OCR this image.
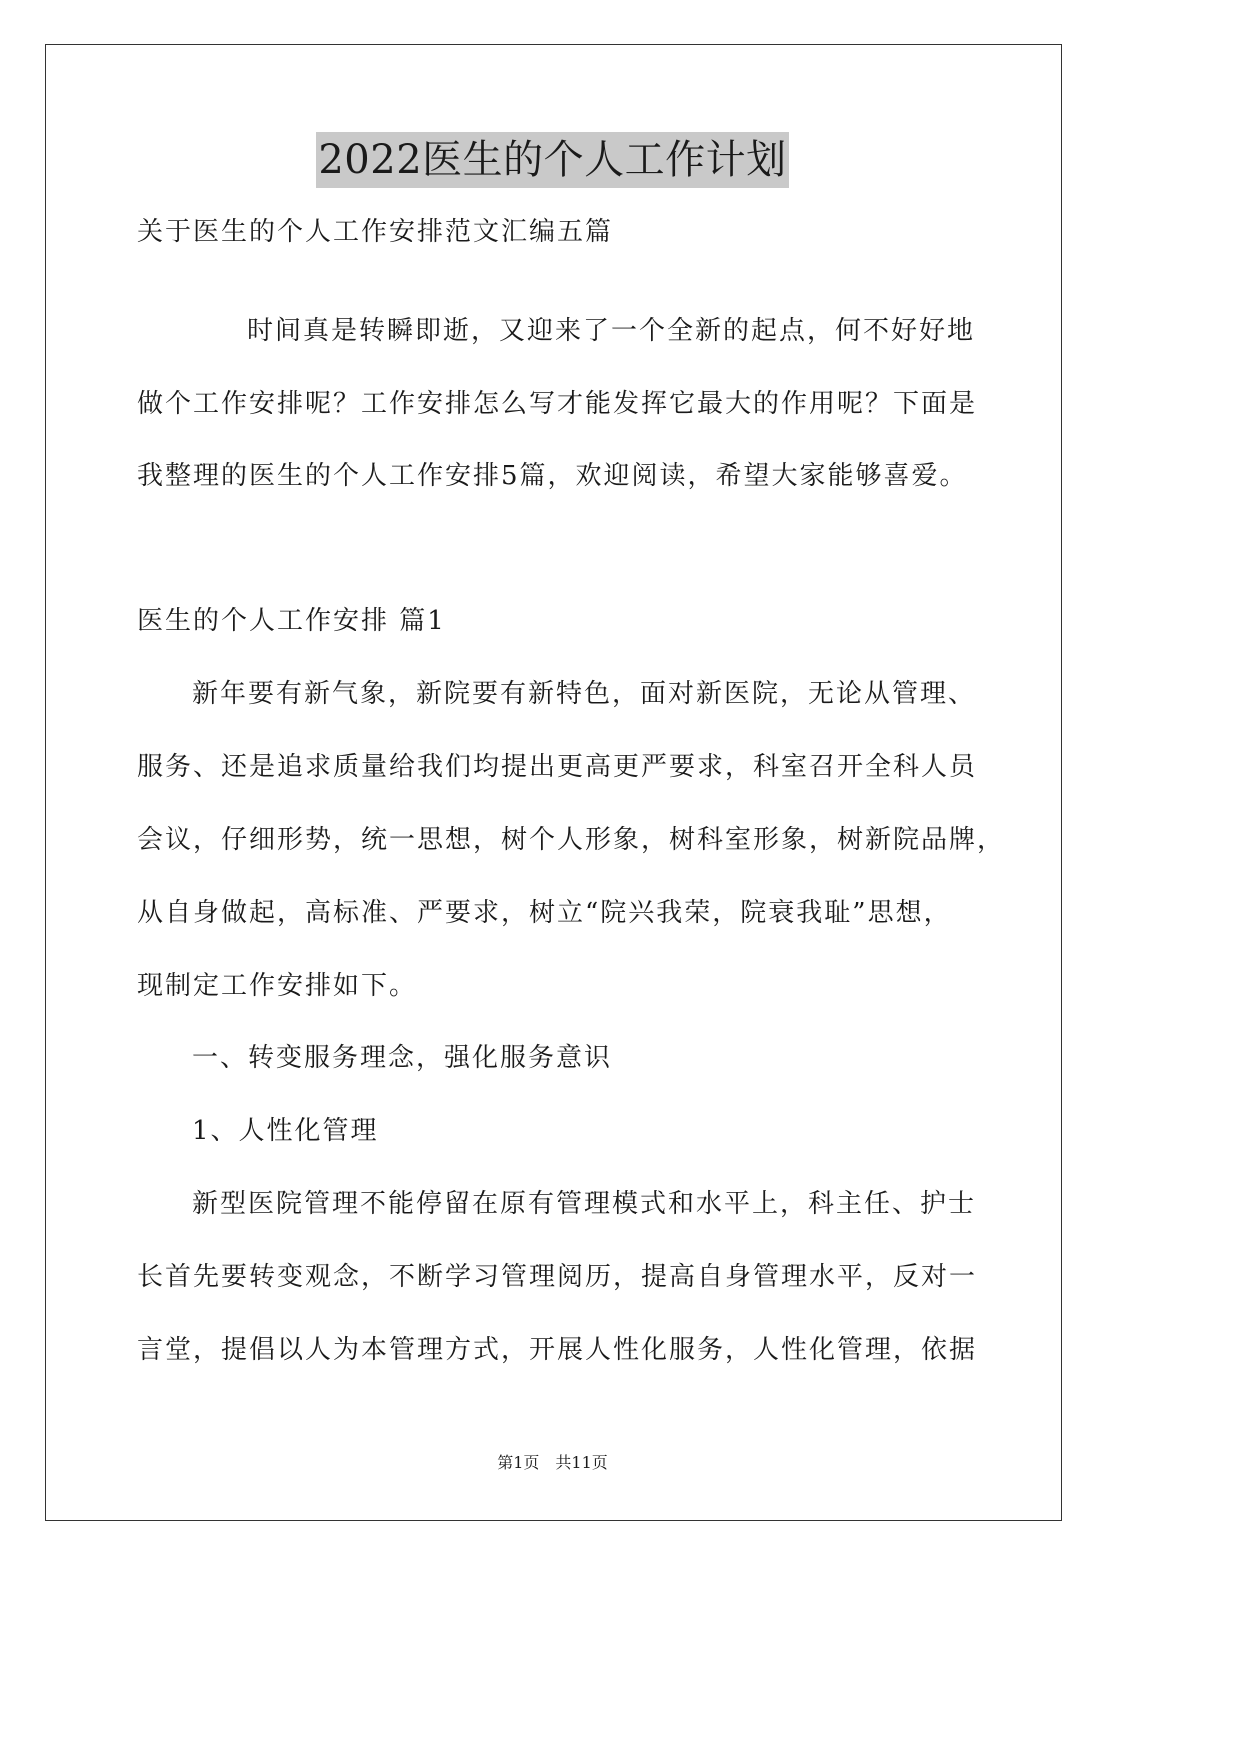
2022医生的个人工作计划
关于医生的个人工作安排范文汇编五篇
时间真是转瞬即逝，又迎来了一个全新的起点，何不好好地
做个工作安排呢？工作安排怎么写才能发挥它最大的作用呢？下面是
我整理的医生的个人工作安排5篇，欢迎阅读，希望大家能够喜爱。
医生的个人工作安排 篇1
新年要有新气象，新院要有新特色，面对新医院，无论从管理、
服务、还是追求质量给我们均提出更高更严要求，科室召开全科人员
会议，仔细形势，统一思想，树个人形象，树科室形象，树新院品牌，
从自身做起，高标准、严要求，树立“院兴我荣，院衰我耻”思想，
现制定工作安排如下。
一、转变服务理念，强化服务意识
1、人性化管理
新型医院管理不能停留在原有管理模式和水平上，科主任、护士
长首先要转变观念，不断学习管理阅历，提高自身管理水平，反对一
言堂，提倡以人为本管理方式，开展人性化服务，人性化管理，依据
第1页　共11页
